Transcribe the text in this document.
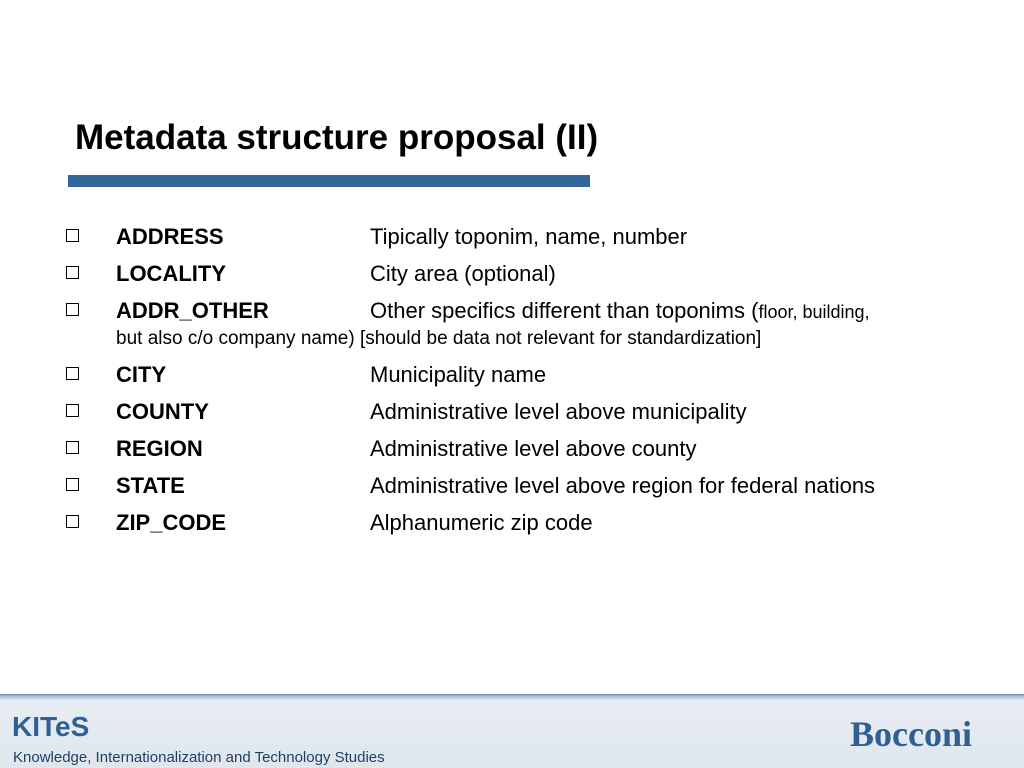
Metadata structure proposal (II)
ADDRESS	Tipically toponim, name, number
LOCALITY	City area (optional)
ADDR_OTHER	Other specifics different than toponims (floor, building,
but also c/o company name) [should be data not relevant for standardization]
CITY	Municipality name
COUNTY	Administrative level above municipality
REGION	Administrative level above county
STATE	Administrative level above region for federal nations
ZIP_CODE	Alphanumeric zip code
KITeS
Knowledge, Internationalization and Technology Studies
Bocconi
